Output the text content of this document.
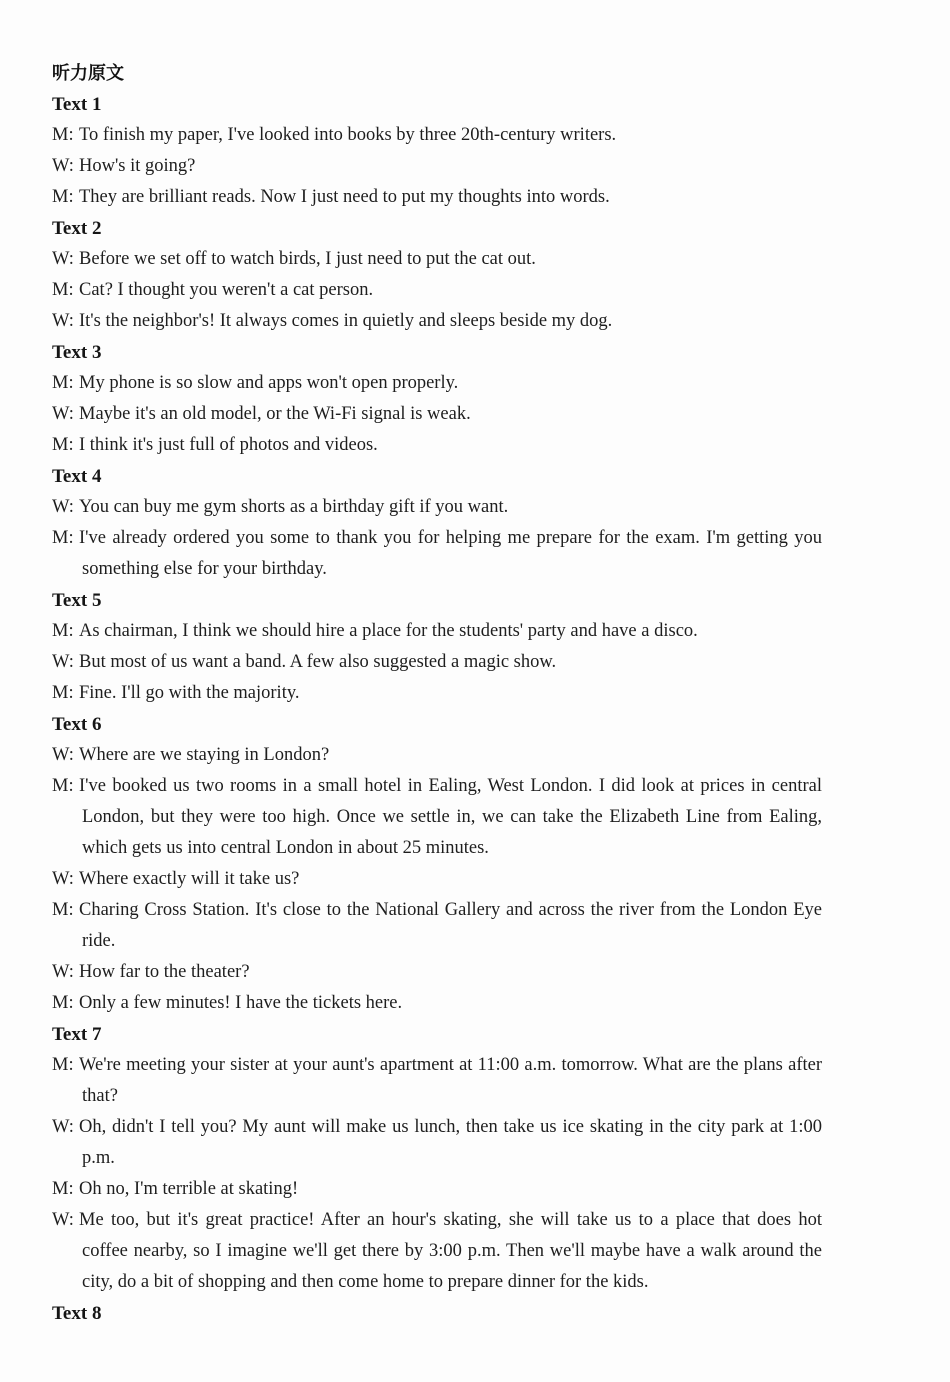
听力原文
Text 1
M: To finish my paper, I've looked into books by three 20th-century writers.
W: How's it going?
M: They are brilliant reads. Now I just need to put my thoughts into words.
Text 2
W: Before we set off to watch birds, I just need to put the cat out.
M: Cat? I thought you weren't a cat person.
W: It's the neighbor's! It always comes in quietly and sleeps beside my dog.
Text 3
M: My phone is so slow and apps won't open properly.
W: Maybe it's an old model, or the Wi-Fi signal is weak.
M: I think it's just full of photos and videos.
Text 4
W: You can buy me gym shorts as a birthday gift if you want.
M: I've already ordered you some to thank you for helping me prepare for the exam. I'm getting you something else for your birthday.
Text 5
M: As chairman, I think we should hire a place for the students' party and have a disco.
W: But most of us want a band. A few also suggested a magic show.
M: Fine. I'll go with the majority.
Text 6
W: Where are we staying in London?
M: I've booked us two rooms in a small hotel in Ealing, West London. I did look at prices in central London, but they were too high. Once we settle in, we can take the Elizabeth Line from Ealing, which gets us into central London in about 25 minutes.
W: Where exactly will it take us?
M: Charing Cross Station. It's close to the National Gallery and across the river from the London Eye ride.
W: How far to the theater?
M: Only a few minutes! I have the tickets here.
Text 7
M: We're meeting your sister at your aunt's apartment at 11:00 a.m. tomorrow. What are the plans after that?
W: Oh, didn't I tell you? My aunt will make us lunch, then take us ice skating in the city park at 1:00 p.m.
M: Oh no, I'm terrible at skating!
W: Me too, but it's great practice! After an hour's skating, she will take us to a place that does hot coffee nearby, so I imagine we'll get there by 3:00 p.m. Then we'll maybe have a walk around the city, do a bit of shopping and then come home to prepare dinner for the kids.
Text 8
